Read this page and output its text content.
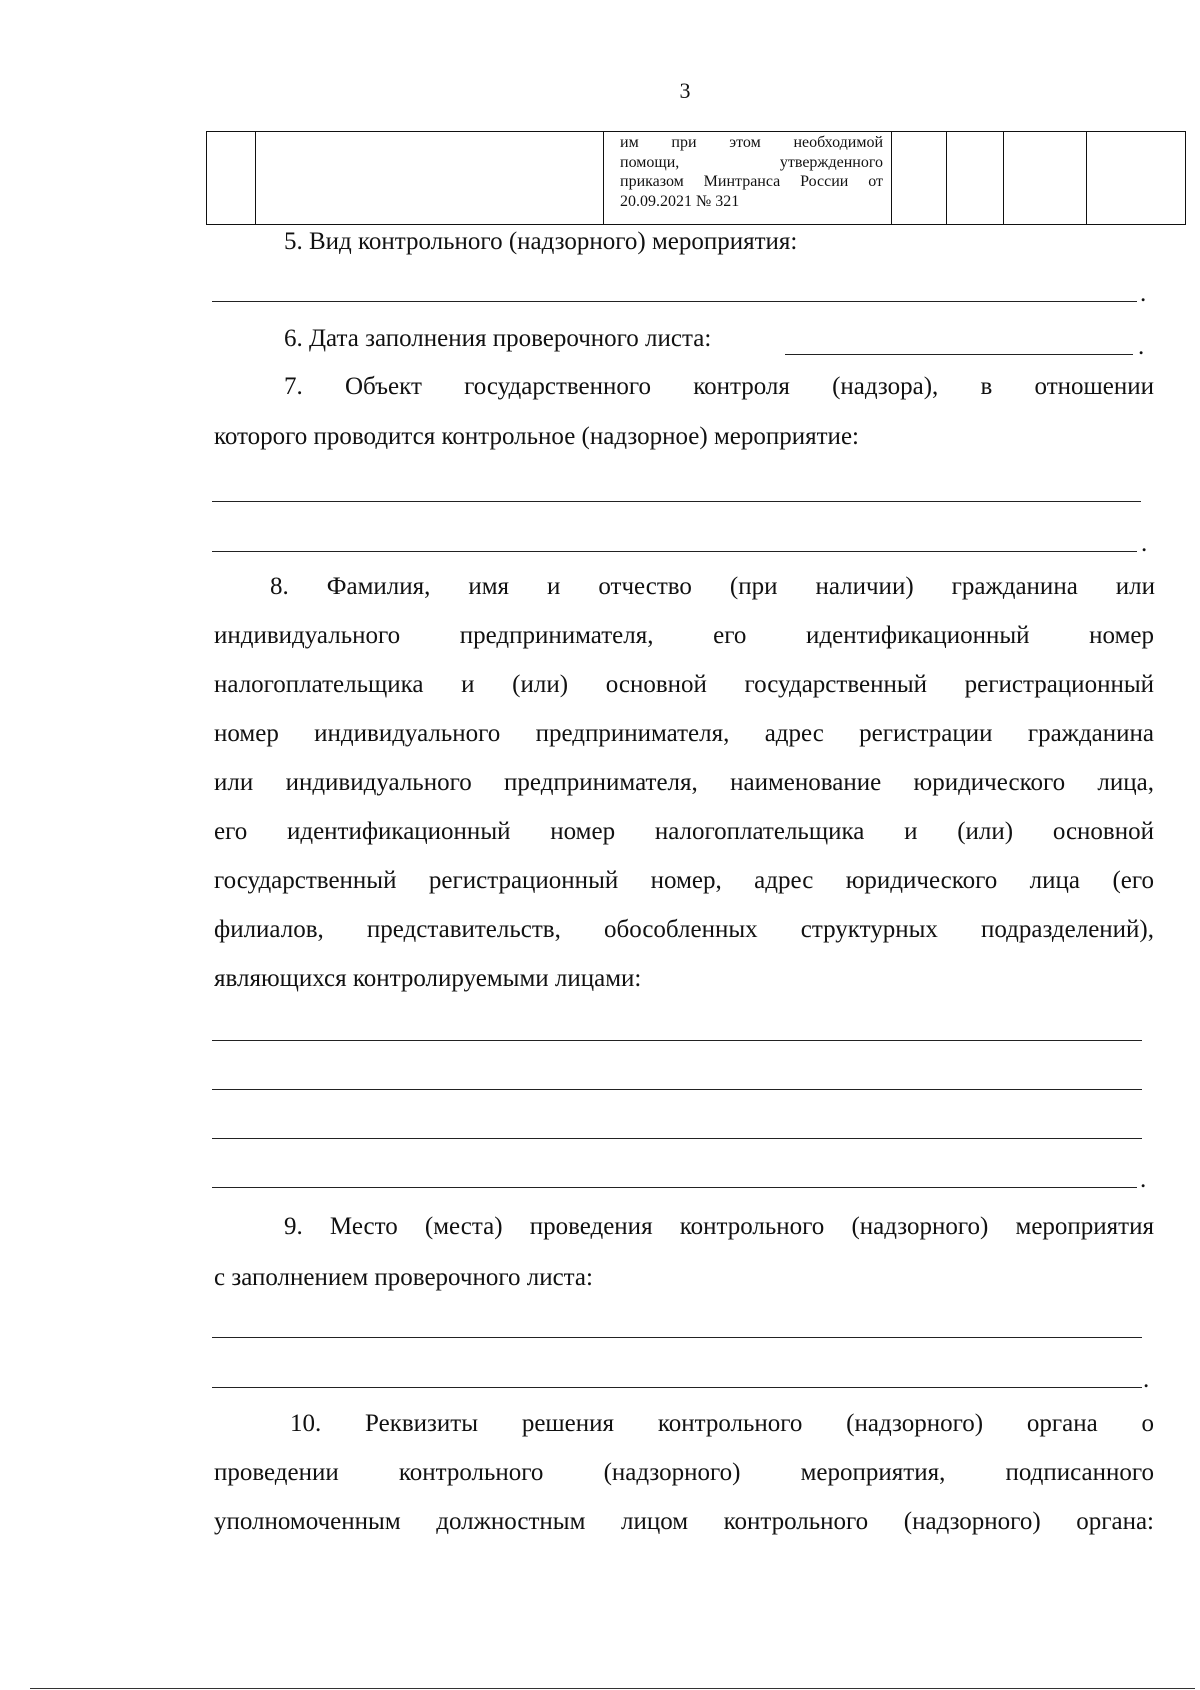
3

им при этом необходимой
помощи, утвержденного
приказом Минтранса России от
20.09.2021 № 321

5. Вид контрольного (надзорного) мероприятия:

.

6. Дата заполнения проверочного листа:	.

7. Объект государственного контроля (надзора), в отношении

которого проводится контрольное (надзорное) мероприятие:

.

8. Фамилия, имя и отчество (при наличии) гражданина или

индивидуального предпринимателя, его идентификационный номер

налогоплательщика и (или) основной государственный регистрационный

номер индивидуального предпринимателя, адрес регистрации гражданина

или индивидуального предпринимателя, наименование юридического лица,

его идентификационный номер налогоплательщика и (или) основной

государственный регистрационный номер, адрес юридического лица (его

филиалов, представительств, обособленных структурных подразделений),

являющихся контролируемыми лицами:

.

9. Место (места) проведения контрольного (надзорного) мероприятия

с заполнением проверочного листа:

.

10. Реквизиты решения контрольного (надзорного) органа о

проведении контрольного (надзорного) мероприятия, подписанного

уполномоченным должностным лицом контрольного (надзорного) органа:
